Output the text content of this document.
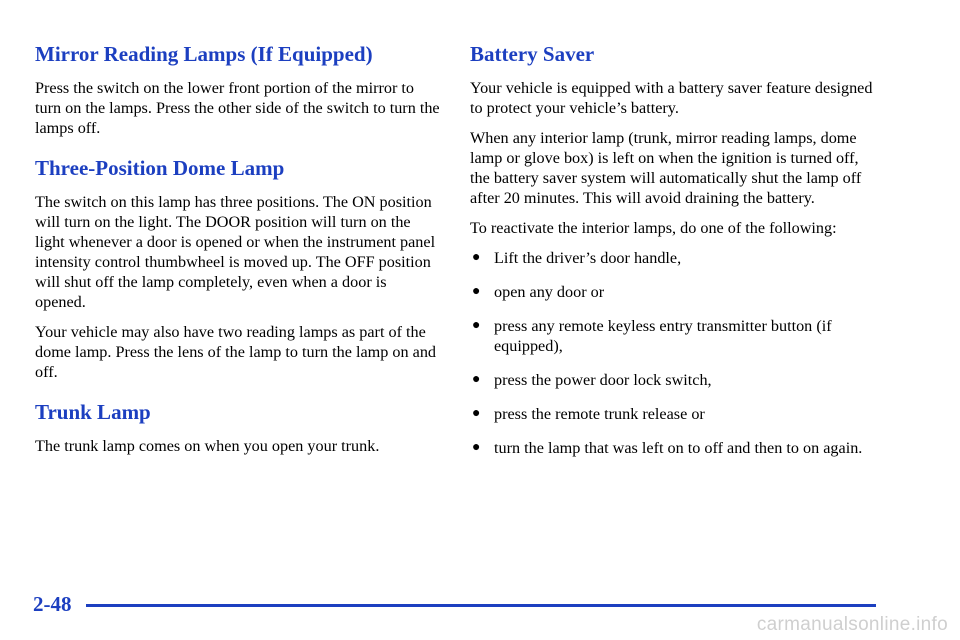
Mirror Reading Lamps (If Equipped)

Press the switch on the lower front portion of the mirror to turn on the lamps. Press the other side of the switch to turn the lamps off.

Three-Position Dome Lamp

The switch on this lamp has three positions. The ON position will turn on the light. The DOOR position will turn on the light whenever a door is opened or when the instrument panel intensity control thumbwheel is moved up. The OFF position will shut off the lamp completely, even when a door is opened.

Your vehicle may also have two reading lamps as part of the dome lamp. Press the lens of the lamp to turn the lamp on and off.

Trunk Lamp

The trunk lamp comes on when you open your trunk.

Battery Saver

Your vehicle is equipped with a battery saver feature designed to protect your vehicle’s battery.

When any interior lamp (trunk, mirror reading lamps, dome lamp or glove box) is left on when the ignition is turned off, the battery saver system will automatically shut the lamp off after 20 minutes. This will avoid draining the battery.

To reactivate the interior lamps, do one of the following:

● Lift the driver’s door handle,
● open any door or
● press any remote keyless entry transmitter button (if equipped),
● press the power door lock switch,
● press the remote trunk release or
● turn the lamp that was left on to off and then to on again.
2-48
carmanualsonline.info
